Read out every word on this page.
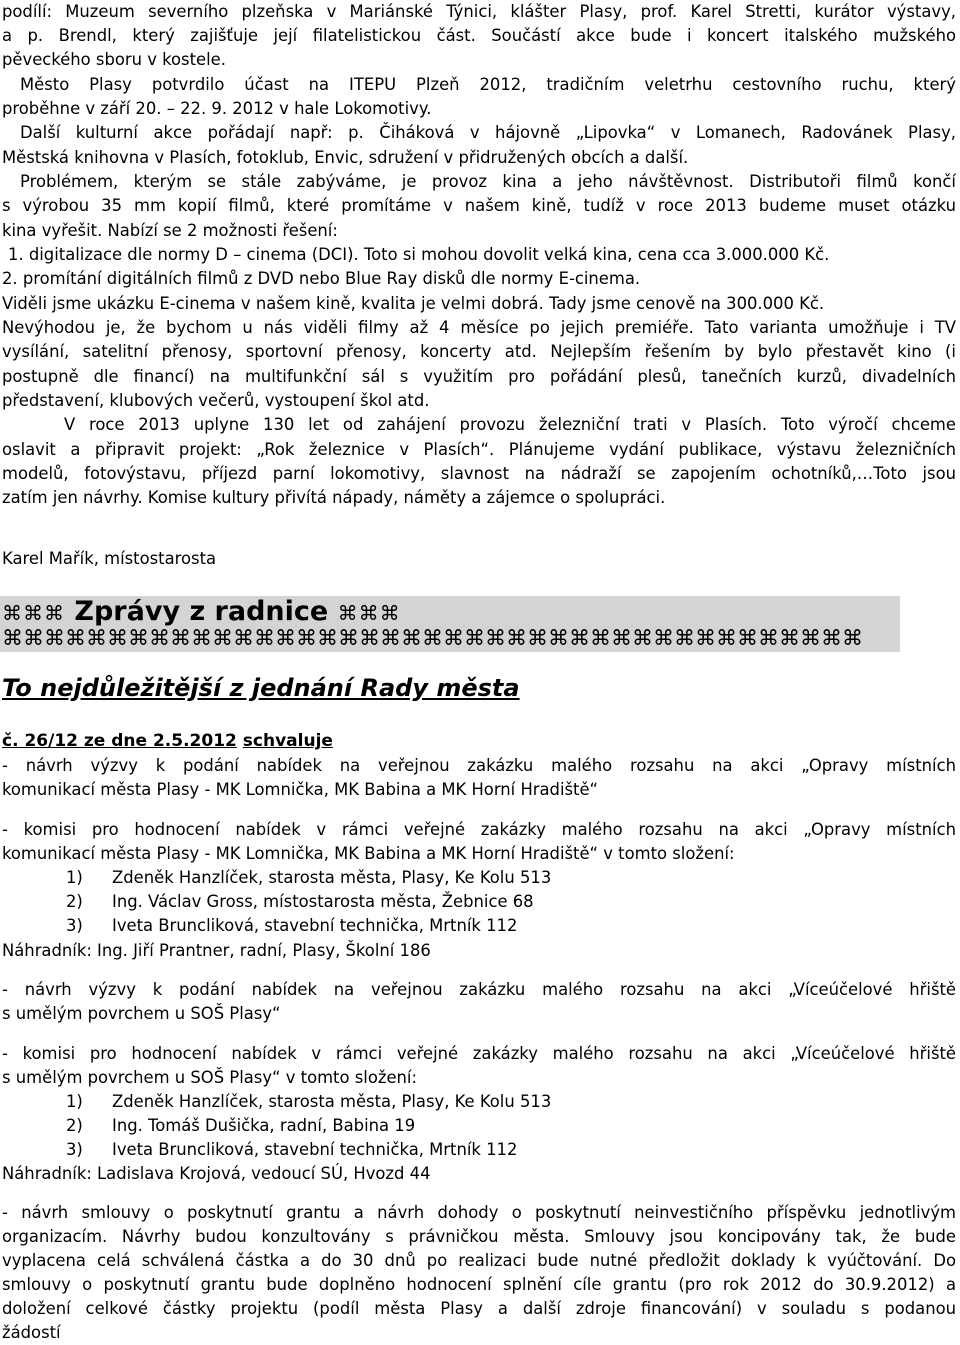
podílí: Muzeum severního plzeňska v Mariánské Týnici, klášter Plasy, prof. Karel Stretti, kurátor výstavy,
a p. Brendl, který zajišťuje její filatelistickou část. Součástí akce bude i koncert italského mužského
pěveckého sboru v kostele.
Město Plasy potvrdilo účast na ITEPU Plzeň 2012, tradičním veletrhu cestovního ruchu, který
proběhne v září 20. – 22. 9. 2012 v hale Lokomotivy.
Další kulturní akce pořádají např: p. Čiháková v hájovně „Lipovka“ v Lomanech, Radovánek Plasy,
Městská knihovna v Plasích, fotoklub, Envic, sdružení v přidružených obcích a další.
Problémem, kterým se stále zabýváme, je provoz kina a jeho návštěvnost. Distributoři filmů končí
s výrobou 35 mm kopií filmů, které promítáme v našem kině, tudíž v roce 2013 budeme muset otázku
kina vyřešit. Nabízí se 2 možnosti řešení:
1. digitalizace dle normy D – cinema (DCI). Toto si mohou dovolit velká kina, cena cca 3.000.000 Kč.
2. promítání digitálních filmů z DVD nebo Blue Ray disků dle normy E-cinema.
Viděli jsme ukázku E-cinema v našem kině, kvalita je velmi dobrá. Tady jsme cenově na 300.000 Kč.
Nevýhodou je, že bychom u nás viděli filmy až 4 měsíce po jejich premiéře. Tato varianta umožňuje i TV
vysílání, satelitní přenosy, sportovní přenosy, koncerty atd. Nejlepším řešením by bylo přestavět kino (i
postupně dle financí) na multifunkční sál s využitím pro pořádání plesů, tanečních kurzů, divadelních
představení, klubových večerů, vystoupení škol atd.
V roce 2013 uplyne 130 let od zahájení provozu železniční trati v Plasích. Toto výročí chceme
oslavit a připravit projekt: „Rok železnice v Plasích“. Plánujeme vydání publikace, výstavu železničních
modelů, fotovýstavu, příjezd parní lokomotivy, slavnost na nádraží se zapojením ochotníků,…Toto jsou
zatím jen návrhy. Komise kultury přivítá nápady, náměty a zájemce o spolupráci.
Karel Mařík, místostarosta
⌘⌘⌘ Zprávy z radnice ⌘⌘⌘
⌘⌘⌘⌘⌘⌘⌘⌘⌘⌘⌘⌘⌘⌘⌘⌘⌘⌘⌘⌘⌘⌘⌘⌘⌘⌘⌘⌘⌘⌘⌘⌘⌘⌘⌘⌘⌘⌘⌘⌘⌘
To nejdůležitější z jednání Rady města
č. 26/12 ze dne 2.5.2012 schvaluje
- návrh výzvy k podání nabídek na veřejnou zakázku malého rozsahu na akci „Opravy místních
komunikací města Plasy - MK Lomnička, MK Babina a MK Horní Hradiště“
- komisi pro hodnocení nabídek v rámci veřejné zakázky malého rozsahu na akci „Opravy místních
komunikací města Plasy - MK Lomnička, MK Babina a MK Horní Hradiště“ v tomto složení:
1) Zdeněk Hanzlíček, starosta města, Plasy, Ke Kolu 513
2) Ing. Václav Gross, místostarosta města, Žebnice 68
3) Iveta Bruncliková, stavební technička, Mrtník 112
Náhradník: Ing. Jiří Prantner, radní, Plasy, Školní 186
- návrh výzvy k podání nabídek na veřejnou zakázku malého rozsahu na akci „Víceúčelové hřiště
s umělým povrchem u SOŠ Plasy“
- komisi pro hodnocení nabídek v rámci veřejné zakázky malého rozsahu na akci „Víceúčelové hřiště
s umělým povrchem u SOŠ Plasy“ v tomto složení:
1) Zdeněk Hanzlíček, starosta města, Plasy, Ke Kolu 513
2) Ing. Tomáš Dušička, radní, Babina 19
3) Iveta Bruncliková, stavební technička, Mrtník 112
Náhradník: Ladislava Krojová, vedoucí SÚ, Hvozd 44
- návrh smlouvy o poskytnutí grantu a návrh dohody o poskytnutí neinvestičního příspěvku jednotlivým
organizacím. Návrhy budou konzultovány s právničkou města. Smlouvy jsou koncipovány tak, že bude
vyplacena celá schválená částka a do 30 dnů po realizaci bude nutné předložit doklady k vyúčtování. Do
smlouvy o poskytnutí grantu bude doplněno hodnocení splnění cíle grantu (pro rok 2012 do 30.9.2012) a
doložení celkové částky projektu (podíl města Plasy a další zdroje financování) v souladu s podanou
žádostí
